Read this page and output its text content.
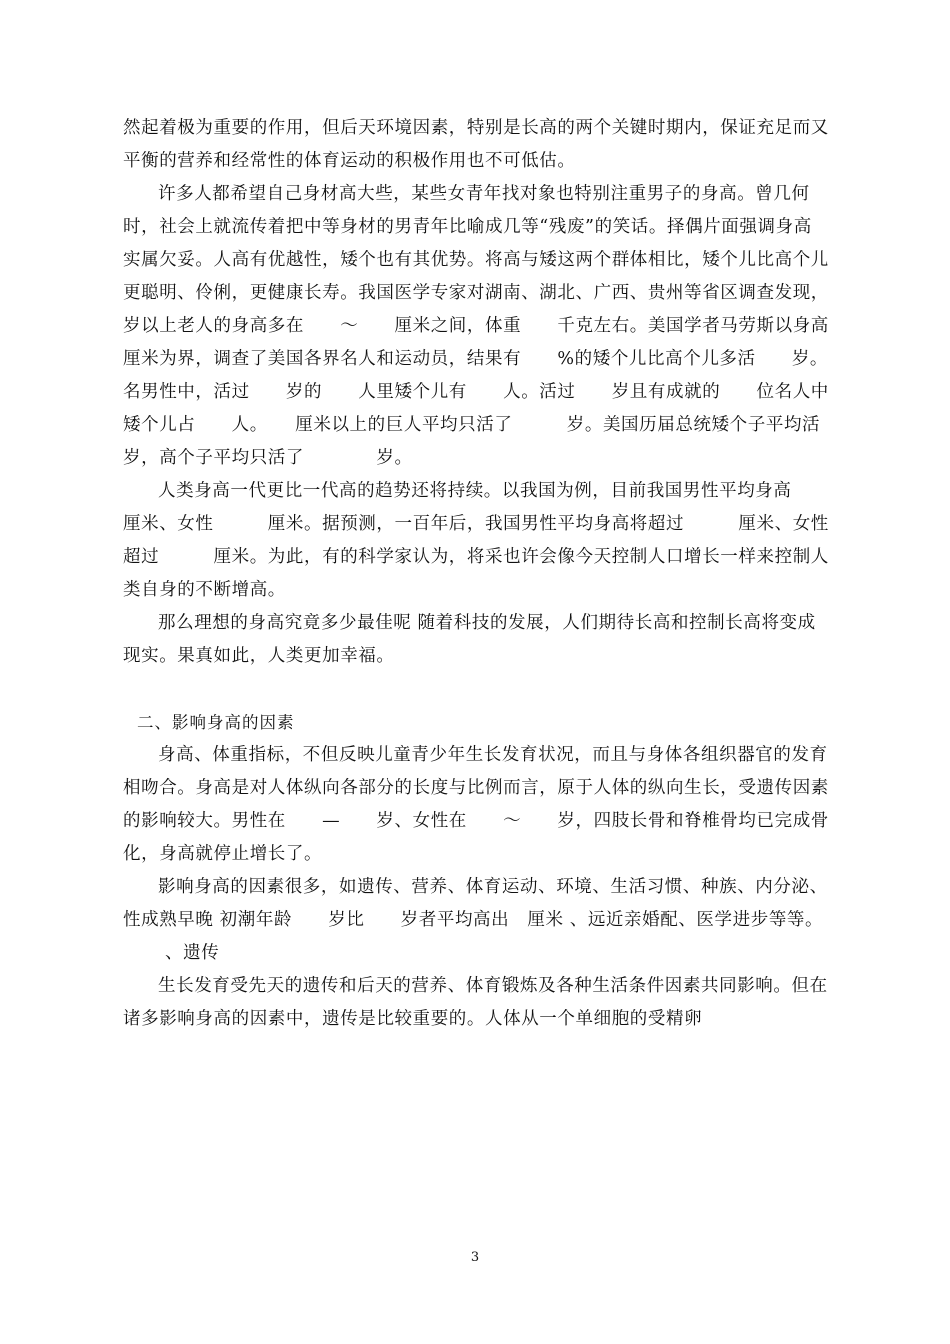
然起着极为重要的作用，但后天环境因素，特别是长高的两个关键时期内，保证充足而又平衡的营养和经常性的体育运动的积极作用也不可低估。

许多人都希望自己身材高大些，某些女青年找对象也特别注重男子的身高。曾几何时，社会上就流传着把中等身材的男青年比喻成几等“残废”的笑话。择偶片面强调身高实属欠妥。人高有优越性，矮个也有其优势。将高与矮这两个群体相比，矮个儿比高个儿更聪明、伶俐，更健康长寿。我国医学专家对湖南、湖北、广西、贵州等省区调查发现，　　岁以上老人的身高多在　　～　　厘米之间，体重　　千克左右。美国学者马劳斯以身高　　厘米为界，调查了美国各界名人和运动员，结果有　　%的矮个儿比高个儿多活　　岁。　　名男性中，活过　　岁的　　人里矮个儿有　　人。活过　　岁且有成就的　　位名人中矮个儿占　　人。　　厘米以上的巨人平均只活了　　　岁。美国历届总统矮个子平均活　　　岁，高个子平均只活了　　　　岁。

人类身高一代更比一代高的趋势还将持续。以我国为例，目前我国男性平均身高　　　厘米、女性　　　厘米。据预测，一百年后，我国男性平均身高将超过　　　厘米、女性超过　　　厘米。为此，有的科学家认为，将采也许会像今天控制人口增长一样来控制人类自身的不断增高。

那么理想的身高究竟多少最佳呢 随着科技的发展，人们期待长高和控制长高将变成现实。果真如此，人类更加幸福。

二、影响身高的因素

身高、体重指标，不但反映儿童青少年生长发育状况，而且与身体各组织器官的发育相吻合。身高是对人体纵向各部分的长度与比例而言，原于人体的纵向生长，受遗传因素的影响较大。男性在　　—　　岁、女性在　　～　　岁，四肢长骨和脊椎骨均已完成骨化，身高就停止增长了。

影响身高的因素很多，如遗传、营养、体育运动、环境、生活习惯、种族、内分泌、性成熟早晚 初潮年龄　　岁比　　岁者平均高出　厘米 、远近亲婚配、医学进步等等。

、遗传

生长发育受先天的遗传和后天的营养、体育锻炼及各种生活条件因素共同影响。但在诸多影响身高的因素中，遗传是比较重要的。人体从一个单细胞的受精卵

3
